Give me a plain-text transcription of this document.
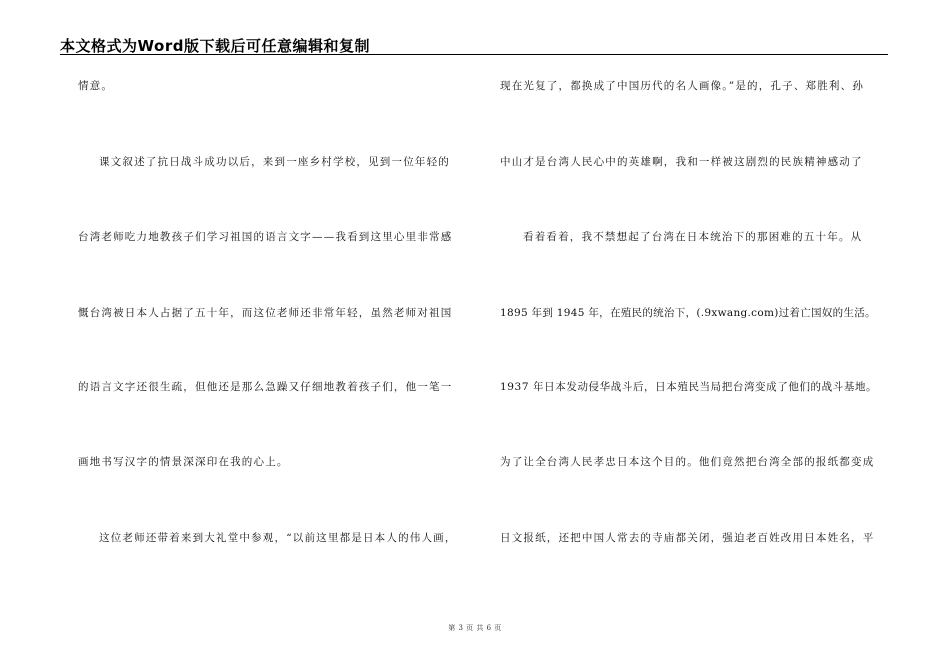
本文格式为Word版下载后可任意编辑和复制
情意。
课文叙述了抗日战斗成功以后，来到一座乡村学校，见到一位年轻的
台湾老师吃力地教孩子们学习祖国的语言文字——我看到这里心里非常感
慨台湾被日本人占据了五十年，而这位老师还非常年轻，虽然老师对祖国
的语言文字还很生疏，但他还是那么急躁又仔细地教着孩子们，他一笔一
画地书写汉字的情景深深印在我的心上。
这位老师还带着来到大礼堂中参观，“以前这里都是日本人的伟人画，
现在光复了，都换成了中国历代的名人画像。”是的，孔子、郑胜利、孙
中山才是台湾人民心中的英雄啊，我和一样被这剧烈的民族精神感动了
看着看着，我不禁想起了台湾在日本统治下的那困难的五十年。从
1895 年到 1945 年，在殖民的统治下，(.9xwang.com)过着亡国奴的生活。
1937 年日本发动侵华战斗后，日本殖民当局把台湾变成了他们的战斗基地。
为了让全台湾人民孝忠日本这个目的。他们竟然把台湾全部的报纸都变成
日文报纸，还把中国人常去的寺庙都关闭，强迫老百姓改用日本姓名，平
第 3 页 共 6 页
